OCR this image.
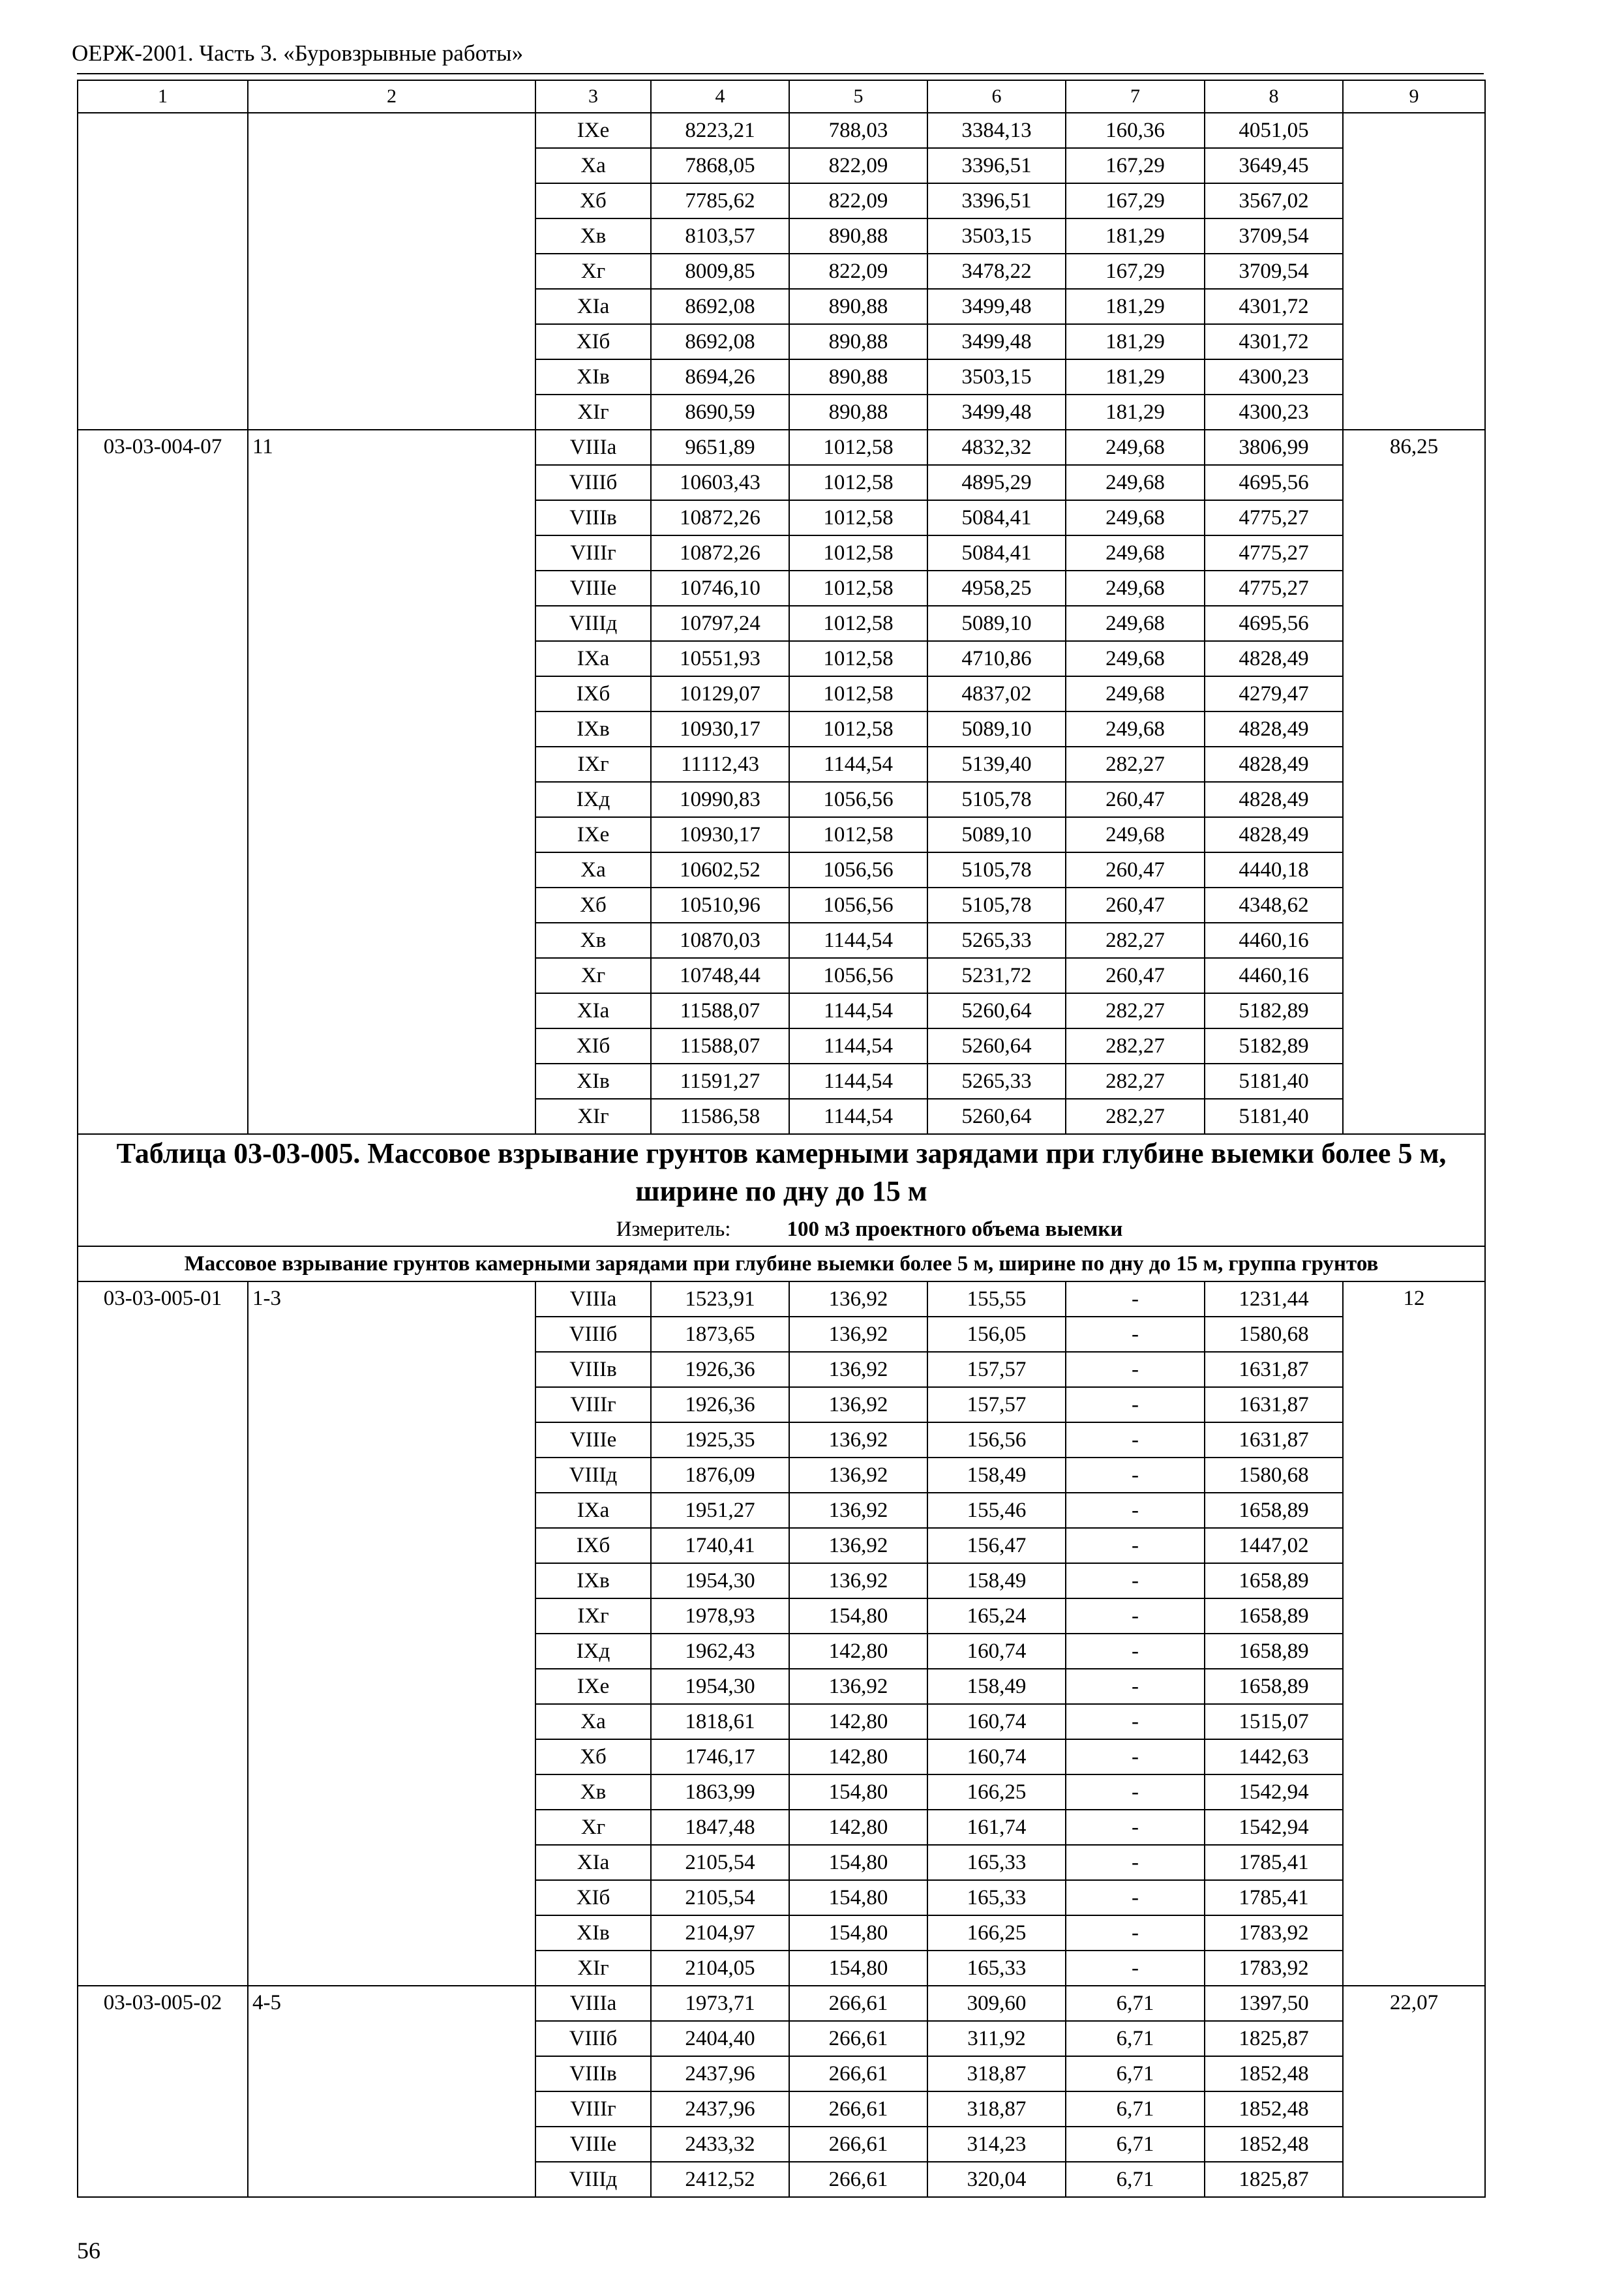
ОЕРЖ-2001. Часть 3. «Буровзрывные работы»
1	2	3	4	5	6	7	8	9
		IXе	8223,21	788,03	3384,13	160,36	4051,05	
		Xа	7868,05	822,09	3396,51	167,29	3649,45	
		Xб	7785,62	822,09	3396,51	167,29	3567,02	
		Xв	8103,57	890,88	3503,15	181,29	3709,54	
		Xг	8009,85	822,09	3478,22	167,29	3709,54	
		XIа	8692,08	890,88	3499,48	181,29	4301,72	
		XIб	8692,08	890,88	3499,48	181,29	4301,72	
		XIв	8694,26	890,88	3503,15	181,29	4300,23	
		XIг	8690,59	890,88	3499,48	181,29	4300,23	
03-03-004-07	11	VIIIа	9651,89	1012,58	4832,32	249,68	3806,99	86,25
		VIIIб	10603,43	1012,58	4895,29	249,68	4695,56	
		VIIIв	10872,26	1012,58	5084,41	249,68	4775,27	
		VIIIг	10872,26	1012,58	5084,41	249,68	4775,27	
		VIIIе	10746,10	1012,58	4958,25	249,68	4775,27	
		VIIIд	10797,24	1012,58	5089,10	249,68	4695,56	
		IXа	10551,93	1012,58	4710,86	249,68	4828,49	
		IXб	10129,07	1012,58	4837,02	249,68	4279,47	
		IXв	10930,17	1012,58	5089,10	249,68	4828,49	
		IXг	11112,43	1144,54	5139,40	282,27	4828,49	
		IXд	10990,83	1056,56	5105,78	260,47	4828,49	
		IXе	10930,17	1012,58	5089,10	249,68	4828,49	
		Xа	10602,52	1056,56	5105,78	260,47	4440,18	
		Xб	10510,96	1056,56	5105,78	260,47	4348,62	
		Xв	10870,03	1144,54	5265,33	282,27	4460,16	
		Xг	10748,44	1056,56	5231,72	260,47	4460,16	
		XIа	11588,07	1144,54	5260,64	282,27	5182,89	
		XIб	11588,07	1144,54	5260,64	282,27	5182,89	
		XIв	11591,27	1144,54	5265,33	282,27	5181,40	
		XIг	11586,58	1144,54	5260,64	282,27	5181,40	

Таблица 03-03-005. Массовое взрывание грунтов камерными зарядами при глубине выемки более 5 м, ширине по дну до 15 м
Измеритель: 100 м3 проектного объема выемки								

Массовое взрывание грунтов камерными зарядами при глубине выемки более 5 м, ширине по дну до 15 м, группа грунтов								
03-03-005-01	1-3	VIIIа	1523,91	136,92	155,55	-	1231,44	12
		VIIIб	1873,65	136,92	156,05	-	1580,68	
		VIIIв	1926,36	136,92	157,57	-	1631,87	
		VIIIг	1926,36	136,92	157,57	-	1631,87	
		VIIIе	1925,35	136,92	156,56	-	1631,87	
		VIIIд	1876,09	136,92	158,49	-	1580,68	
		IXа	1951,27	136,92	155,46	-	1658,89	
		IXб	1740,41	136,92	156,47	-	1447,02	
		IXв	1954,30	136,92	158,49	-	1658,89	
		IXг	1978,93	154,80	165,24	-	1658,89	
		IXд	1962,43	142,80	160,74	-	1658,89	
		IXе	1954,30	136,92	158,49	-	1658,89	
		Xа	1818,61	142,80	160,74	-	1515,07	
		Xб	1746,17	142,80	160,74	-	1442,63	
		Xв	1863,99	154,80	166,25	-	1542,94	
		Xг	1847,48	142,80	161,74	-	1542,94	
		XIа	2105,54	154,80	165,33	-	1785,41	
		XIб	2105,54	154,80	165,33	-	1785,41	
		XIв	2104,97	154,80	166,25	-	1783,92	
		XIг	2104,05	154,80	165,33	-	1783,92	
03-03-005-02	4-5	VIIIа	1973,71	266,61	309,60	6,71	1397,50	22,07
		VIIIб	2404,40	266,61	311,92	6,71	1825,87	
		VIIIв	2437,96	266,61	318,87	6,71	1852,48	
		VIIIг	2437,96	266,61	318,87	6,71	1852,48	
		VIIIе	2433,32	266,61	314,23	6,71	1852,48	
		VIIIд	2412,52	266,61	320,04	6,71	1825,87	
56
